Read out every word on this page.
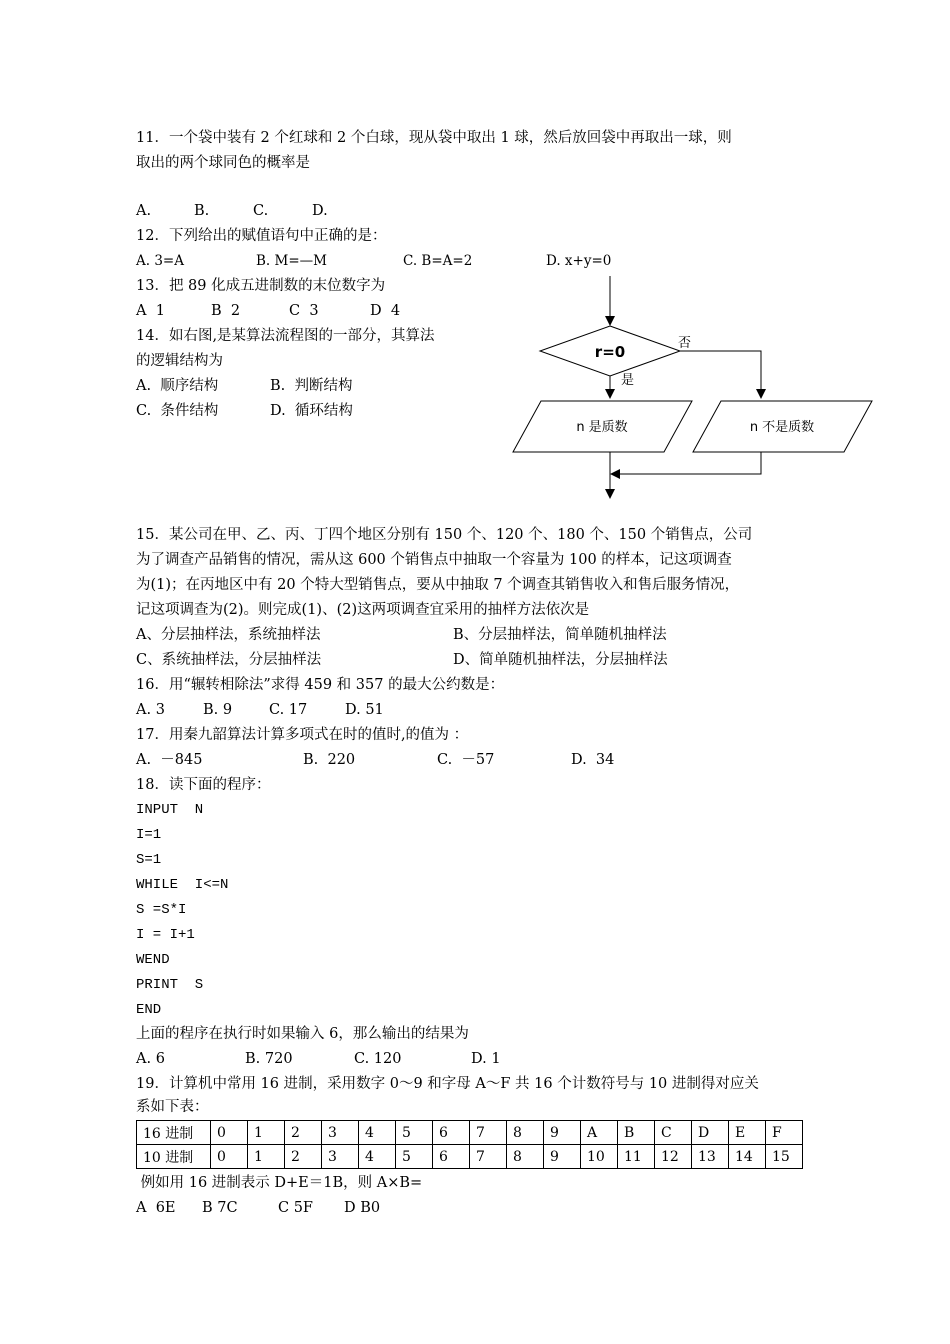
11．一个袋中装有 2 个红球和 2 个白球，现从袋中取出 1 球，然后放回袋中再取出一球，则
取出的两个球同色的概率是
A.	B.	C.	D.
12．下列给出的赋值语句中正确的是：
A. 3=A	B. M=—M	C. B=A=2	D. x+y=0
13．把 89 化成五进制数的末位数字为
A  1	B  2	C  3	D  4
14．如右图,是某算法流程图的一部分，其算法
的逻辑结构为
A.  顺序结构	B.  判断结构
C.  条件结构	D.  循环结构
r=0	否
是
n 是质数	n 不是质数
15．某公司在甲、乙、丙、丁四个地区分别有 150 个、120 个、180 个、150 个销售点，公司
为了调查产品销售的情况，需从这 600 个销售点中抽取一个容量为 100 的样本，记这项调查
为(1)；在丙地区中有 20 个特大型销售点，要从中抽取 7 个调查其销售收入和售后服务情况，
记这项调查为(2)。则完成(1)、(2)这两项调查宜采用的抽样方法依次是
A、分层抽样法，系统抽样法	B、分层抽样法，简单随机抽样法
C、系统抽样法，分层抽样法	D、简单随机抽样法，分层抽样法
16．用“辗转相除法”求得 459 和 357 的最大公约数是：
A. 3	B. 9	C. 17	D. 51
17．用秦九韶算法计算多项式在时的值时,的值为 ：
A.  －845	B.  220	C.  －57	D.  34
18．读下面的程序：
INPUT  N
I=1
S=1
WHILE  I<=N
S =S*I
I = I+1
WEND
PRINT  S
END
上面的程序在执行时如果输入 6，那么输出的结果为
A. 6	B. 720	C. 120	D. 1
19．计算机中常用 16 进制，采用数字 0～9 和字母 A～F 共 16 个计数符号与 10 进制得对应关
系如下表：
16 进制	0	1	2	3	4	5	6	7	8	9	A	B	C	D	E	F
10 进制	0	1	2	3	4	5	6	7	8	9	10	11	12	13	14	15
例如用 16 进制表示 D+E＝1B，则 A×B=
A  6E B 7C	C 5F D B0
